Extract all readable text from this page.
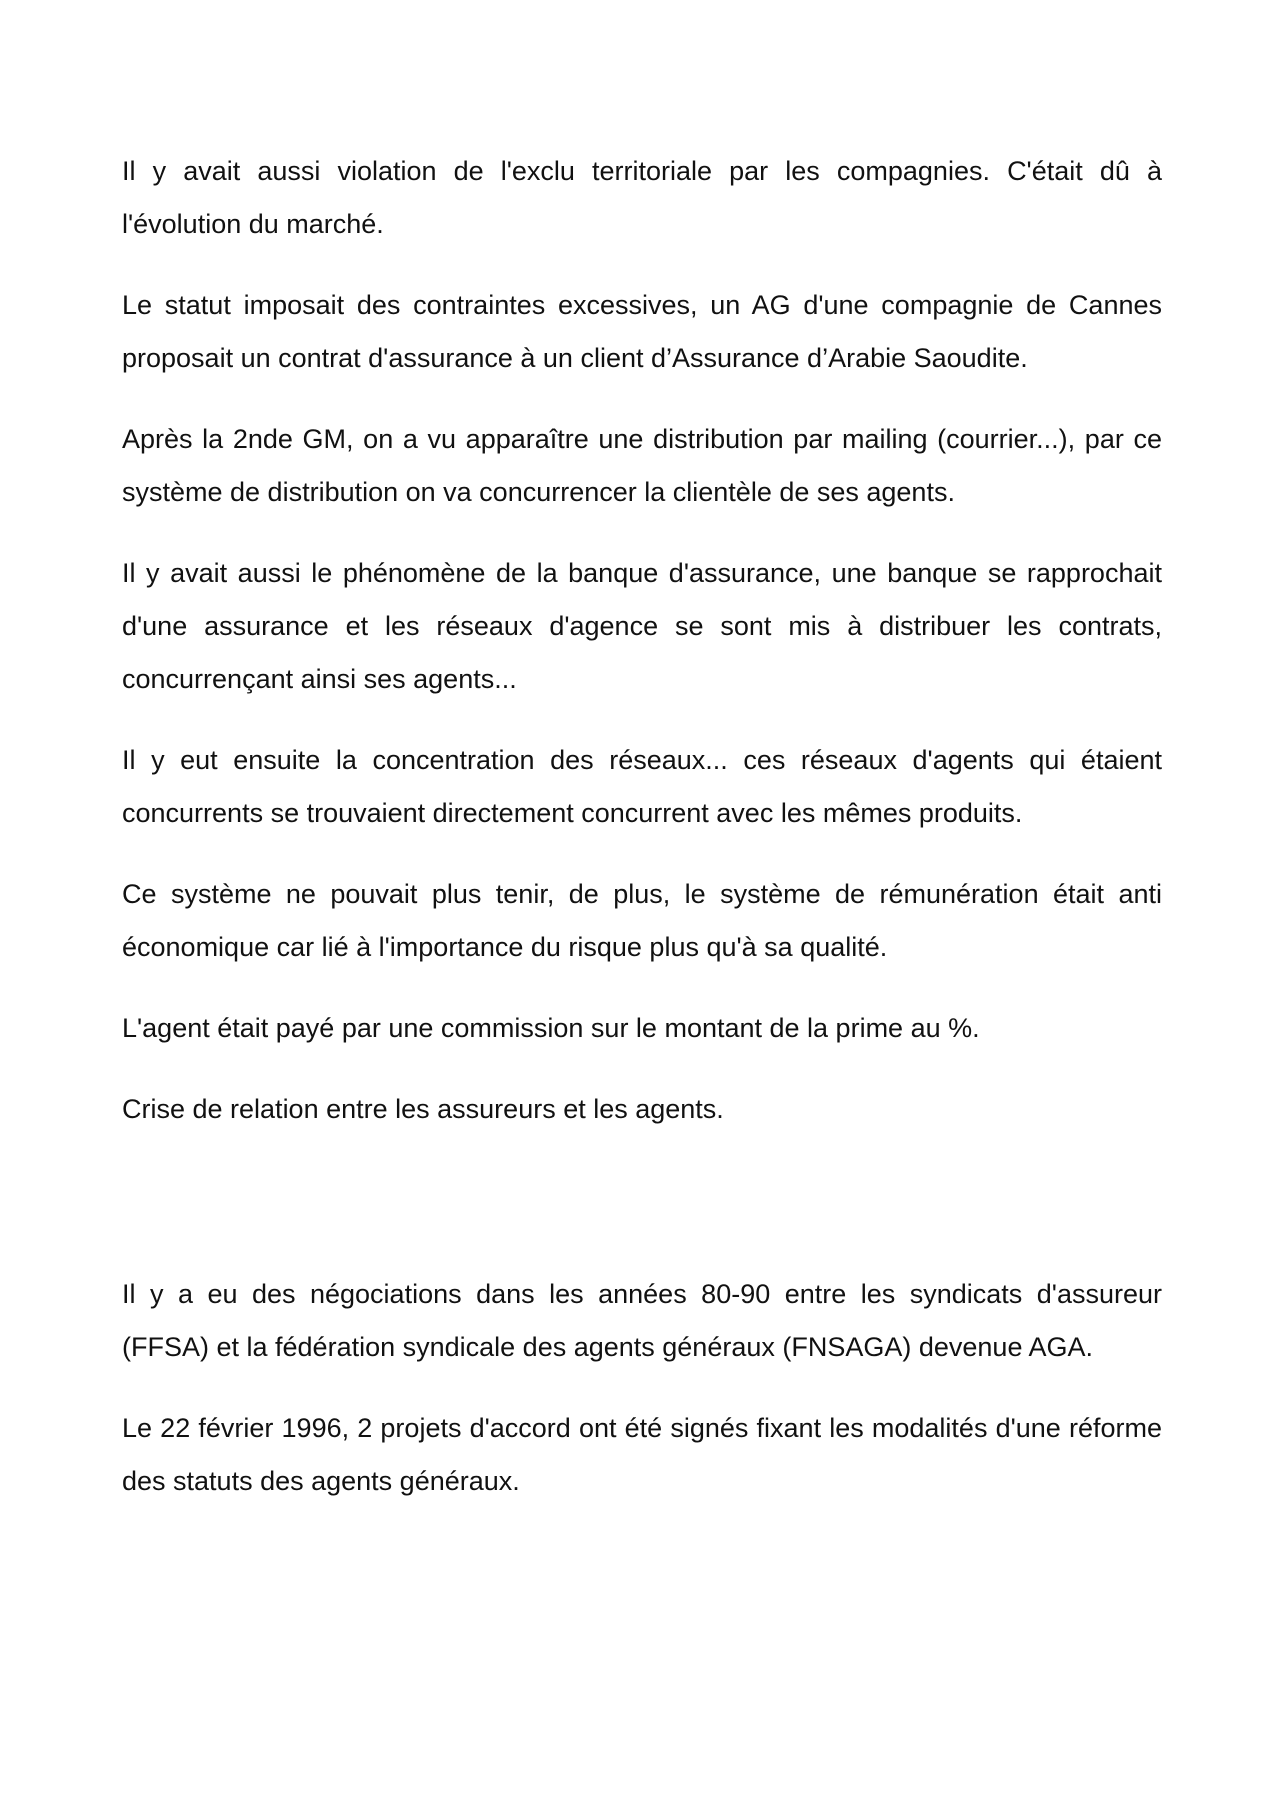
Il y avait aussi violation de l'exclu territoriale par les compagnies. C'était dû à l'évolution du marché.

Le statut imposait des contraintes excessives, un AG d'une compagnie de Cannes proposait un contrat d'assurance à un client d’Assurance d’Arabie Saoudite.

Après la 2nde GM, on a vu apparaître une distribution par mailing (courrier...), par ce système de distribution on va concurrencer la clientèle de ses agents.

Il y avait aussi le phénomène de la banque d'assurance, une banque se rapprochait d'une assurance et les réseaux d'agence se sont mis à distribuer les contrats, concurrençant ainsi ses agents...

Il y eut ensuite la concentration des réseaux... ces réseaux d'agents qui étaient concurrents se trouvaient directement concurrent avec les mêmes produits.

Ce système ne pouvait plus tenir, de plus, le système de rémunération était anti économique car lié à l'importance du risque plus qu'à sa qualité.

L'agent était payé par une commission sur le montant de la prime au %.

Crise de relation entre les assureurs et les agents.

Il y a eu des négociations dans les années 80-90 entre les syndicats d'assureur (FFSA) et la fédération syndicale des agents généraux (FNSAGA) devenue AGA.

Le 22 février 1996, 2 projets d'accord ont été signés fixant les modalités d'une réforme des statuts des agents généraux.
